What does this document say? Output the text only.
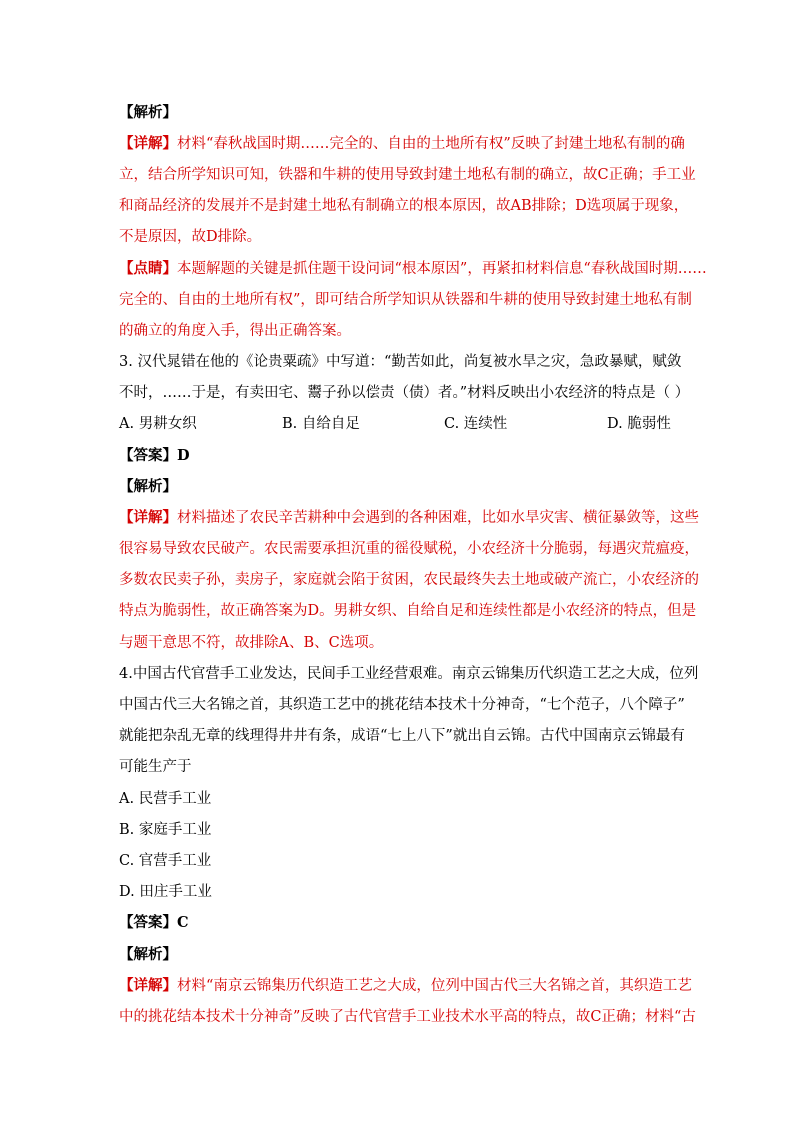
【解析】
【详解】材料“春秋战国时期……完全的、自由的土地所有权”反映了封建土地私有制的确
立，结合所学知识可知，铁器和牛耕的使用导致封建土地私有制的确立，故C正确；手工业
和商品经济的发展并不是封建土地私有制确立的根本原因，故AB排除；D选项属于现象，
不是原因，故D排除。
【点睛】本题解题的关键是抓住题干设问词“根本原因”，再紧扣材料信息“春秋战国时期……
完全的、自由的土地所有权”，即可结合所学知识从铁器和牛耕的使用导致封建土地私有制
的确立的角度入手，得出正确答案。
3. 汉代晁错在他的《论贵粟疏》中写道：“勤苦如此，尚复被水旱之灾，急政暴赋，赋敛
不时，……于是，有卖田宅、鬻子孙以偿责（债）者。”材料反映出小农经济的特点是（ ）
A. 男耕女织	B. 自给自足	C. 连续性	D. 脆弱性
【答案】D
【解析】
【详解】材料描述了农民辛苦耕种中会遇到的各种困难，比如水旱灾害、横征暴敛等，这些
很容易导致农民破产。农民需要承担沉重的徭役赋税，小农经济十分脆弱，每遇灾荒瘟疫，
多数农民卖子孙，卖房子，家庭就会陷于贫困，农民最终失去土地或破产流亡，小农经济的
特点为脆弱性，故正确答案为D。男耕女织、自给自足和连续性都是小农经济的特点，但是
与题干意思不符，故排除A、B、C选项。
4.中国古代官营手工业发达，民间手工业经营艰难。南京云锦集历代织造工艺之大成，位列
中国古代三大名锦之首，其织造工艺中的挑花结本技术十分神奇，“七个范子，八个障子”
就能把杂乱无章的线理得井井有条，成语“七上八下”就出自云锦。古代中国南京云锦最有
可能生产于
A. 民营手工业
B. 家庭手工业
C. 官营手工业
D. 田庄手工业
【答案】C
【解析】
【详解】材料“南京云锦集历代织造工艺之大成，位列中国古代三大名锦之首，其织造工艺
中的挑花结本技术十分神奇”反映了古代官营手工业技术水平高的特点，故C正确；材料“古
